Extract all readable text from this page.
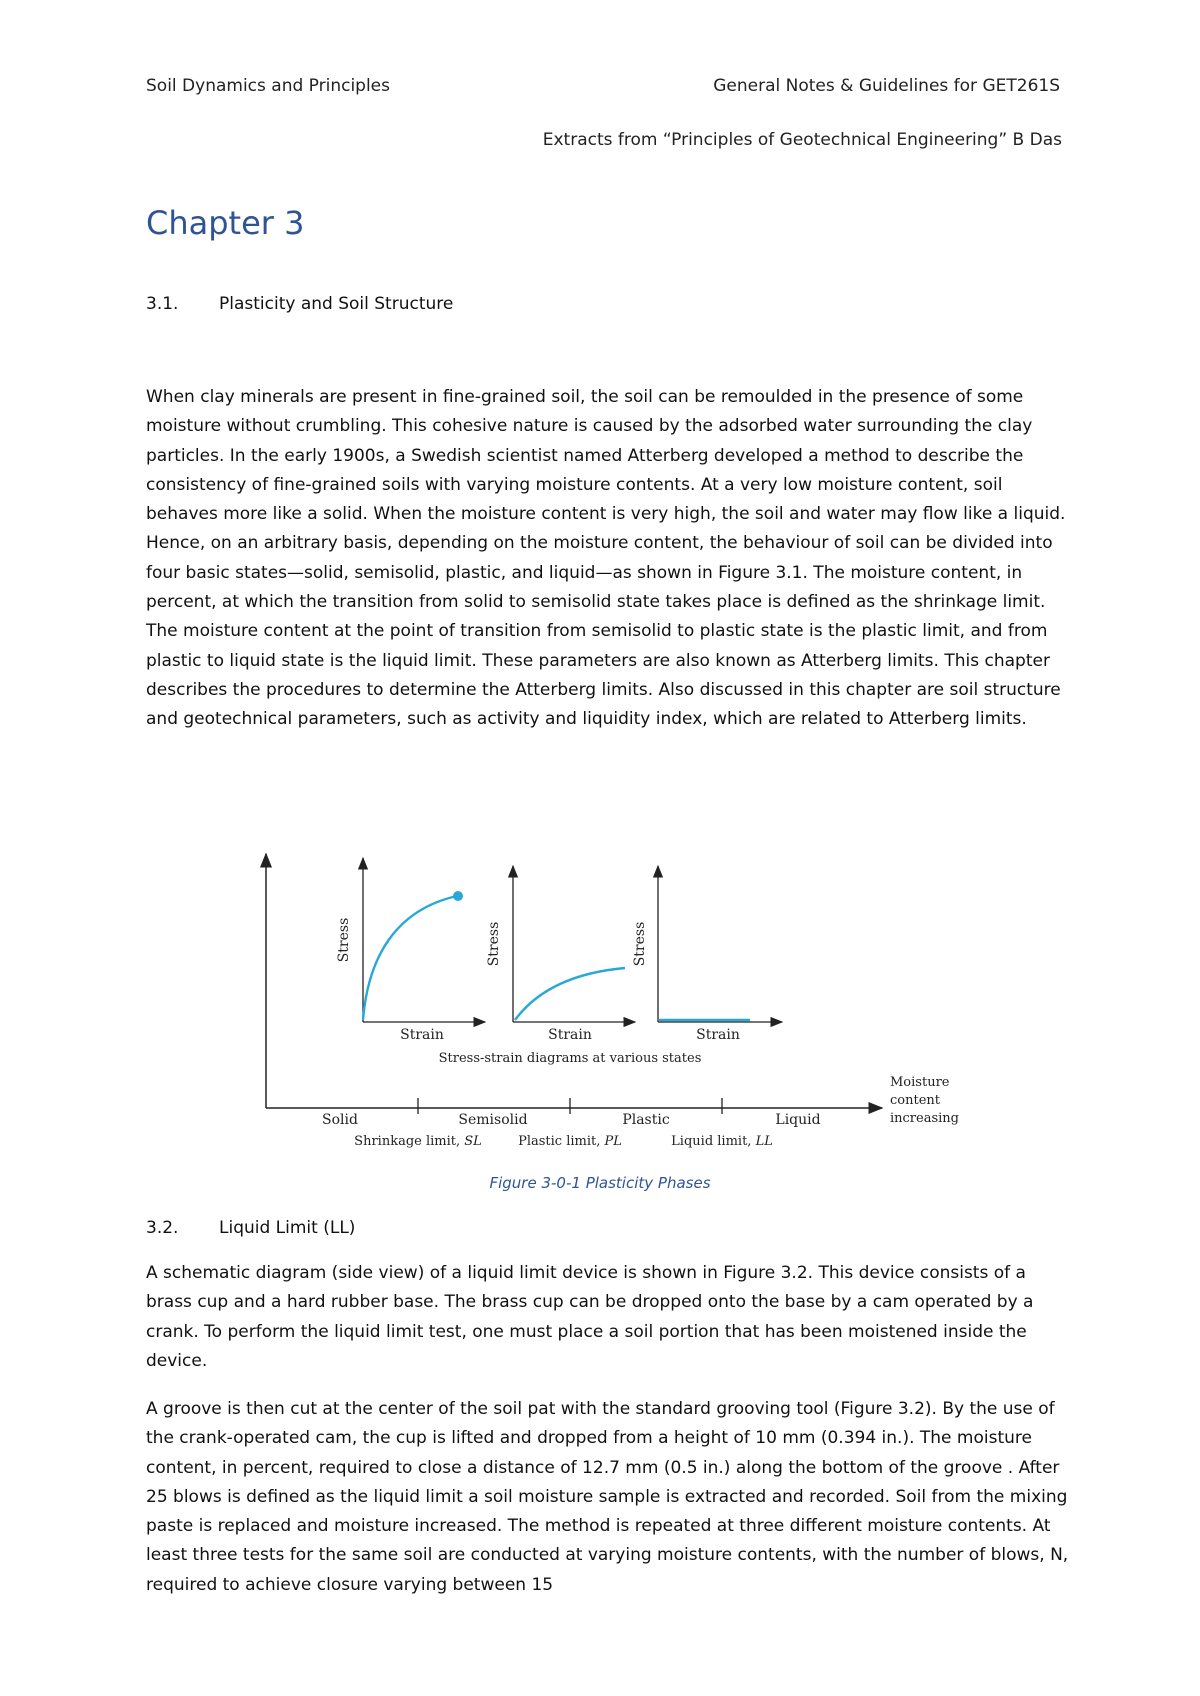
Soil Dynamics and Principles	General Notes & Guidelines for GET261S
Extracts from “Principles of Geotechnical Engineering” B Das
Chapter 3
3.1. Plasticity and Soil Structure

When clay minerals are present in fine-grained soil, the soil can be remoulded in the presence of some moisture without crumbling. This cohesive nature is caused by the adsorbed water surrounding the clay particles. In the early 1900s, a Swedish scientist named Atterberg developed a method to describe the consistency of fine-grained soils with varying moisture contents. At a very low moisture content, soil behaves more like a solid. When the moisture content is very high, the soil and water may flow like a liquid. Hence, on an arbitrary basis, depending on the moisture content, the behaviour of soil can be divided into four basic states—solid, semisolid, plastic, and liquid—as shown in Figure 3.1. The moisture content, in percent, at which the transition from solid to semisolid state takes place is defined as the shrinkage limit. The moisture content at the point of transition from semisolid to plastic state is the plastic limit, and from plastic to liquid state is the liquid limit. These parameters are also known as Atterberg limits. This chapter describes the procedures to determine the Atterberg limits. Also discussed in this chapter are soil structure and geotechnical parameters, such as activity and liquidity index, which are related to Atterberg limits.

Stress
Strain
Stress
Strain
Stress
Strain
Stress-strain diagrams at various states
Moisture
content
increasing
Solid	Semisolid	Plastic	Liquid
Shrinkage limit, SL	Plastic limit, PL	Liquid limit, LL
Figure 3-0-1 Plasticity Phases
3.2. Liquid Limit (LL)

A schematic diagram (side view) of a liquid limit device is shown in Figure 3.2. This device consists of a brass cup and a hard rubber base. The brass cup can be dropped onto the base by a cam operated by a crank. To perform the liquid limit test, one must place a soil portion that has been moistened inside the device.

A groove is then cut at the center of the soil pat with the standard grooving tool (Figure 3.2). By the use of the crank-operated cam, the cup is lifted and dropped from a height of 10 mm (0.394 in.). The moisture content, in percent, required to close a distance of 12.7 mm (0.5 in.) along the bottom of the groove . After 25 blows is defined as the liquid limit a soil moisture sample is extracted and recorded. Soil from the mixing paste is replaced and moisture increased. The method is repeated at three different moisture contents. At least three tests for the same soil are conducted at varying moisture contents, with the number of blows, N, required to achieve closure varying between 15
